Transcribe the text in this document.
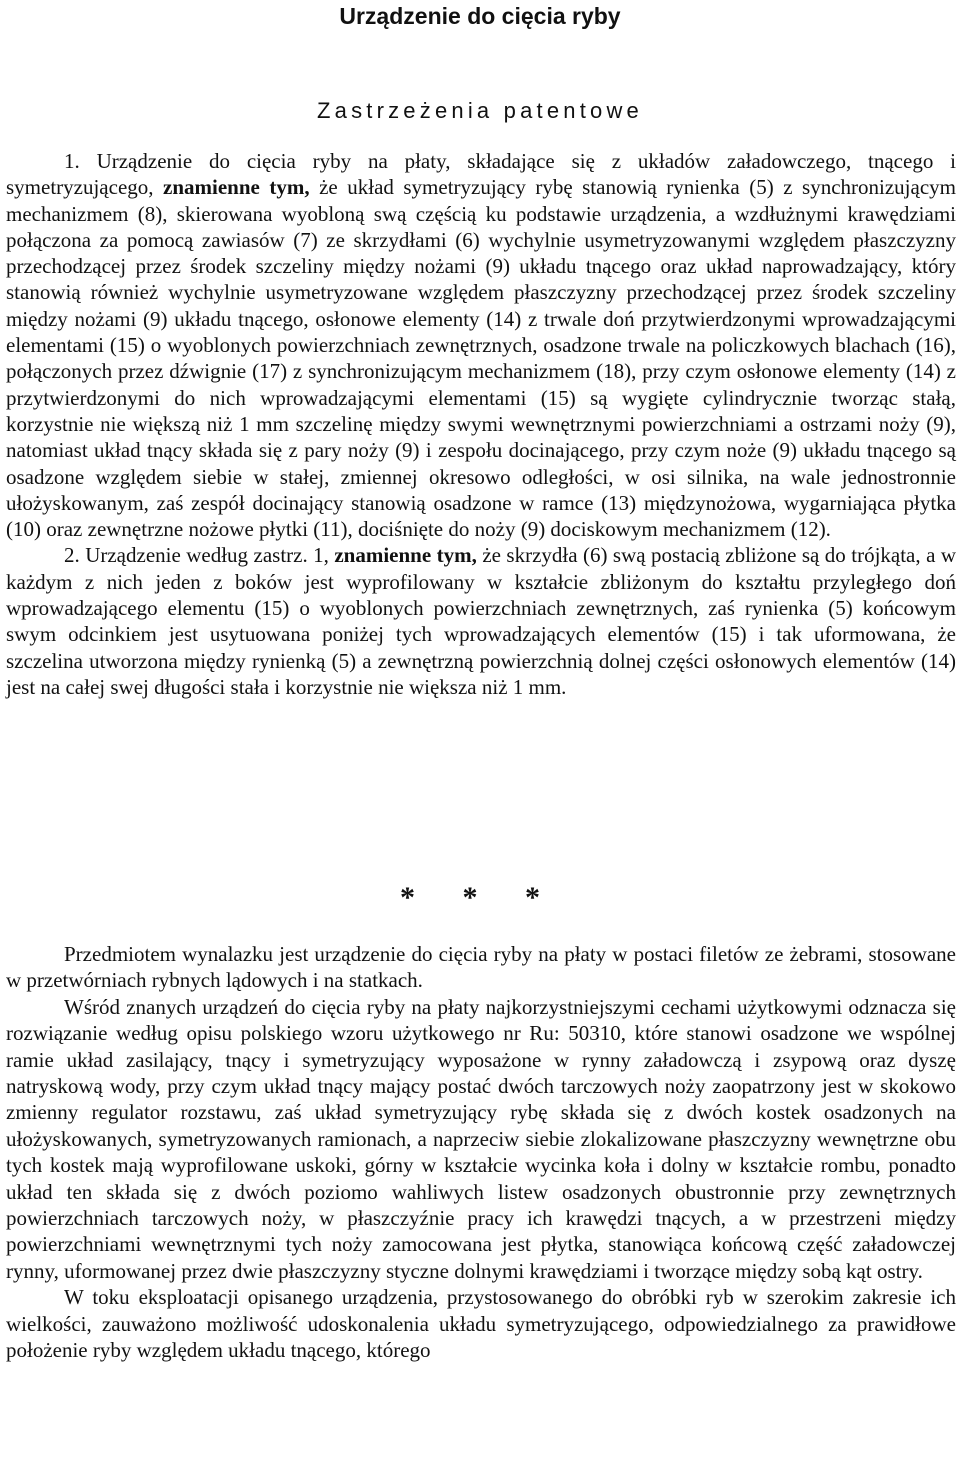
Urządzenie do cięcia ryby
Zastrzeżenia patentowe

1. Urządzenie do cięcia ryby na płaty, składające się z układów załadowczego, tnącego i symetryzującego, znamienne tym, że układ symetryzujący rybę stanowią rynienka (5) z synchronizującym mechanizmem (8), skierowana wyobloną swą częścią ku podstawie urządzenia, a wzdłużnymi krawędziami połączona za pomocą zawiasów (7) ze skrzydłami (6) wychylnie usymetryzowanymi względem płaszczyzny przechodzącej przez środek szczeliny między nożami (9) układu tnącego oraz układ naprowadzający, który stanowią również wychylnie usymetryzowane względem płaszczyzny przechodzącej przez środek szczeliny między nożami (9) układu tnącego, osłonowe elementy (14) z trwale doń przytwierdzonymi wprowadzającymi elementami (15) o wyoblonych powierzchniach zewnętrznych, osadzone trwale na policzkowych blachach (16), połączonych przez dźwignie (17) z synchronizującym mechanizmem (18), przy czym osłonowe elementy (14) z przytwierdzonymi do nich wprowadzającymi elementami (15) są wygięte cylindrycznie tworząc stałą, korzystnie nie większą niż 1 mm szczelinę między swymi wewnętrznymi powierzchniami a ostrzami noży (9), natomiast układ tnący składa się z pary noży (9) i zespołu docinającego, przy czym noże (9) układu tnącego są osadzone względem siebie w stałej, zmiennej okresowo odległości, w osi silnika, na wale jednostronnie ułożyskowanym, zaś zespół docinający stanowią osadzone w ramce (13) międzynożowa, wygarniająca płytka (10) oraz zewnętrzne nożowe płytki (11), dociśnięte do noży (9) dociskowym mechanizmem (12).

2. Urządzenie według zastrz. 1, znamienne tym, że skrzydła (6) swą postacią zbliżone są do trójkąta, a w każdym z nich jeden z boków jest wyprofilowany w kształcie zbliżonym do kształtu przyległego doń wprowadzającego elementu (15) o wyoblonych powierzchniach zewnętrznych, zaś rynienka (5) końcowym swym odcinkiem jest usytuowana poniżej tych wprowadzających elementów (15) i tak uformowana, że szczelina utworzona między rynienką (5) a zewnętrzną powierzchnią dolnej części osłonowych elementów (14) jest na całej swej długości stała i korzystnie nie większa niż 1 mm.

* * *

Przedmiotem wynalazku jest urządzenie do cięcia ryby na płaty w postaci filetów ze żebrami, stosowane w przetwórniach rybnych lądowych i na statkach.

Wśród znanych urządzeń do cięcia ryby na płaty najkorzystniejszymi cechami użytkowymi odznacza się rozwiązanie według opisu polskiego wzoru użytkowego nr Ru: 50310, które stanowi osadzone we wspólnej ramie układ zasilający, tnący i symetryzujący wyposażone w rynny załadowczą i zsypową oraz dyszę natryskową wody, przy czym układ tnący mający postać dwóch tarczowych noży zaopatrzony jest w skokowo zmienny regulator rozstawu, zaś układ symetryzujący rybę składa się z dwóch kostek osadzonych na ułożyskowanych, symetryzowanych ramionach, a naprzeciw siebie zlokalizowane płaszczyzny wewnętrzne obu tych kostek mają wyprofilowane uskoki, górny w kształcie wycinka koła i dolny w kształcie rombu, ponadto układ ten składa się z dwóch poziomo wahliwych listew osadzonych obustronnie przy zewnętrznych powierzchniach tarczowych noży, w płaszczyźnie pracy ich krawędzi tnących, a w przestrzeni między powierzchniami wewnętrznymi tych noży zamocowana jest płytka, stanowiąca końcową część załadowczej rynny, uformowanej przez dwie płaszczyzny styczne dolnymi krawędziami i tworzące między sobą kąt ostry.

W toku eksploatacji opisanego urządzenia, przystosowanego do obróbki ryb w szerokim zakresie ich wielkości, zauważono możliwość udoskonalenia układu symetryzującego, odpowiedzialnego za prawidłowe położenie ryby względem układu tnącego, którego
